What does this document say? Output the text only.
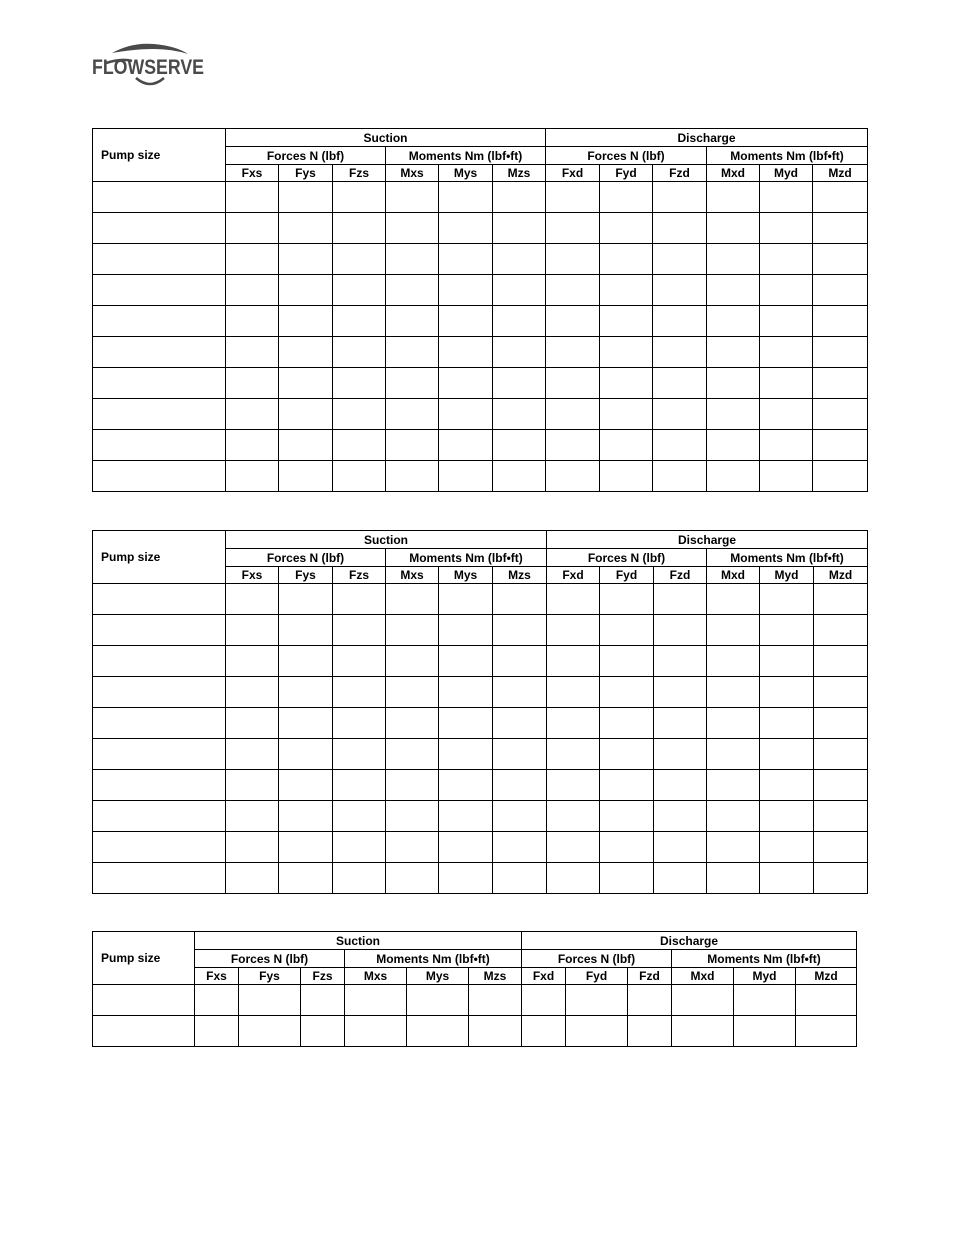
FLOWSERVE
Pump size	Suction						Discharge					
	Forces N (lbf)			Moments Nm (lbf•ft)			Forces N (lbf)			Moments Nm (lbf•ft)		
	Fxs	Fys	Fzs	Mxs	Mys	Mzs	Fxd	Fyd	Fzd	Mxd	Myd	Mzd

Pump size	Suction						Discharge					
	Forces N (lbf)			Moments Nm (lbf•ft)			Forces N (lbf)			Moments Nm (lbf•ft)		
	Fxs	Fys	Fzs	Mxs	Mys	Mzs	Fxd	Fyd	Fzd	Mxd	Myd	Mzd

Pump size	Suction						Discharge					
	Forces N (lbf)			Moments Nm (lbf•ft)			Forces N (lbf)			Moments Nm (lbf•ft)		
	Fxs	Fys	Fzs	Mxs	Mys	Mzs	Fxd	Fyd	Fzd	Mxd	Myd	Mzd
